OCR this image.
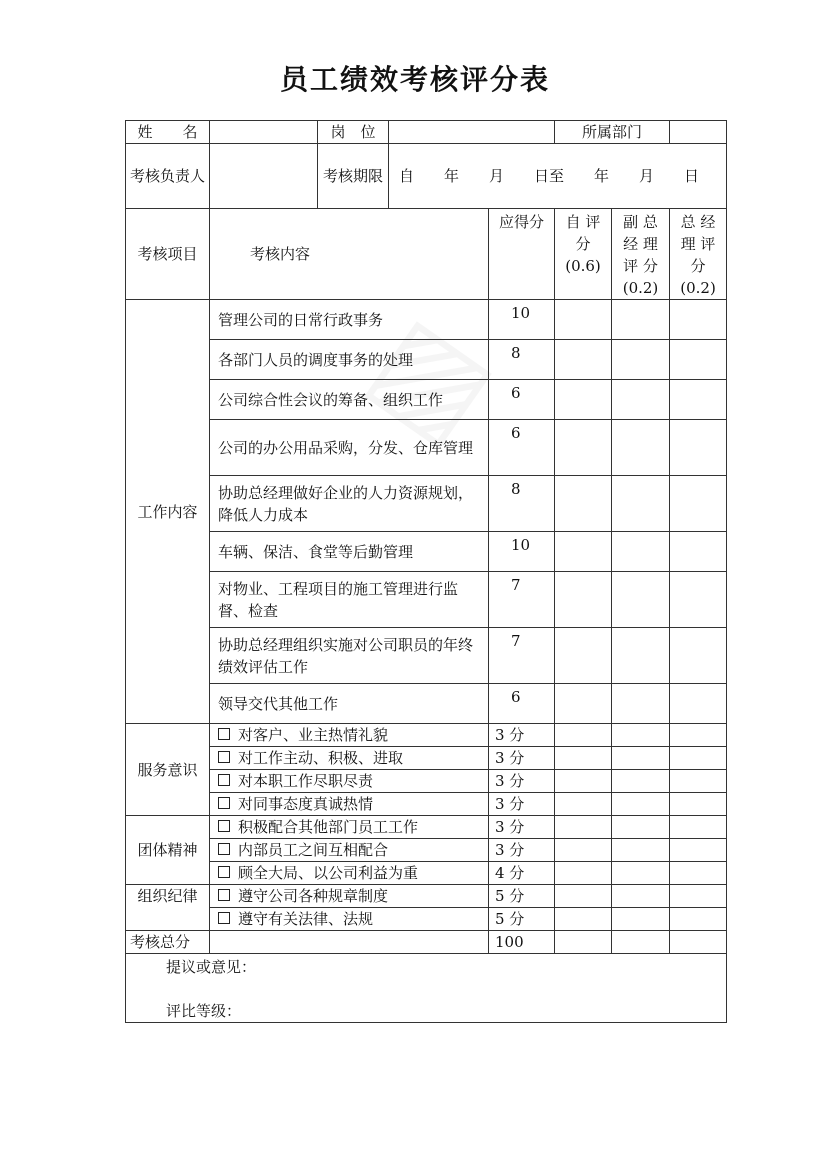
员工绩效考核评分表
姓　　名		岗　位			所属部门		
考核负责人		考核期限	自　　年　　月　　日至　　年　　月　　日				
考核项目	考核内容			应得分	自 评 分 (0.6)	副 总 经 理 评 分 (0.2)	总 经 理 评 分 (0.2)
工作内容	管理公司的日常行政事务			10			
	各部门人员的调度事务的处理			8			
	公司综合性会议的筹备、组织工作			6			
	公司的办公用品采购，分发、仓库管理			6			
	协助总经理做好企业的人力资源规划，降低人力成本			8			
	车辆、保洁、食堂等后勤管理			10			
	对物业、工程项目的施工管理进行监督、检查			7			
	协助总经理组织实施对公司职员的年终绩效评估工作			7			
	领导交代其他工作			6			
服务意识	对客户、业主热情礼貌			3 分			
	对工作主动、积极、进取			3 分			
	对本职工作尽职尽责			3 分			
	对同事态度真诚热情			3 分			
团体精神	积极配合其他部门员工工作			3 分			
	内部员工之间互相配合			3 分			
	顾全大局、以公司利益为重			4 分			
组织纪律	遵守公司各种规章制度			5 分			
	遵守有关法律、法规			5 分			
考核总分				100			

提议或意见：
评比等级：							
